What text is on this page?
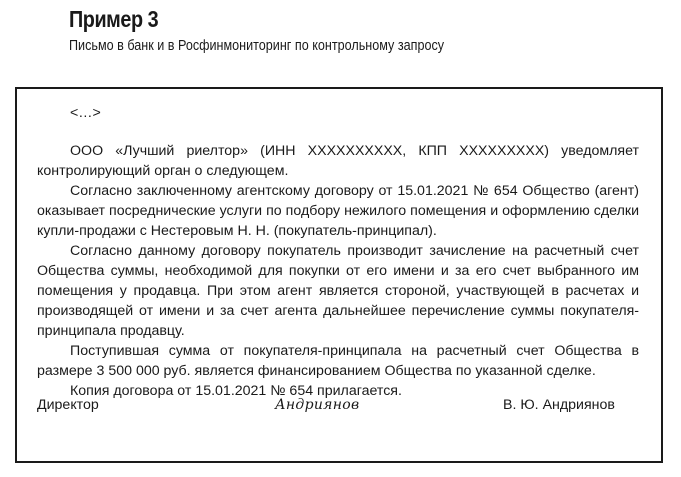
Пример 3
Письмо в банк и в Росфинмониторинг по контрольному запросу

<…>

ООО «Лучший риелтор» (ИНН ХХХХХХХХХХ, КПП ХХХХХХХХХ) уведомляет контролирующий орган о следующем.

Согласно заключенному агентскому договору от 15.01.2021 № 654 Общество (агент) оказывает посреднические услуги по подбору нежилого помещения и оформлению сделки купли-продажи с Нестеровым Н. Н. (покупатель-принципал).

Согласно данному договору покупатель производит зачисление на расчетный счет Общества суммы, необходимой для покупки от его имени и за его счет выбранного им помещения у продавца. При этом агент является стороной, участвующей в расчетах и производящей от имени и за счет агента дальнейшее перечисление суммы покупателя-принципала продавцу.

Поступившая сумма от покупателя-принципала на расчетный счет Общества в размере 3 500 000 руб. является финансированием Общества по указанной сделке.

Копия договора от 15.01.2021 № 654 прилагается.

Директор	Андриянов	В. Ю. Андриянов
